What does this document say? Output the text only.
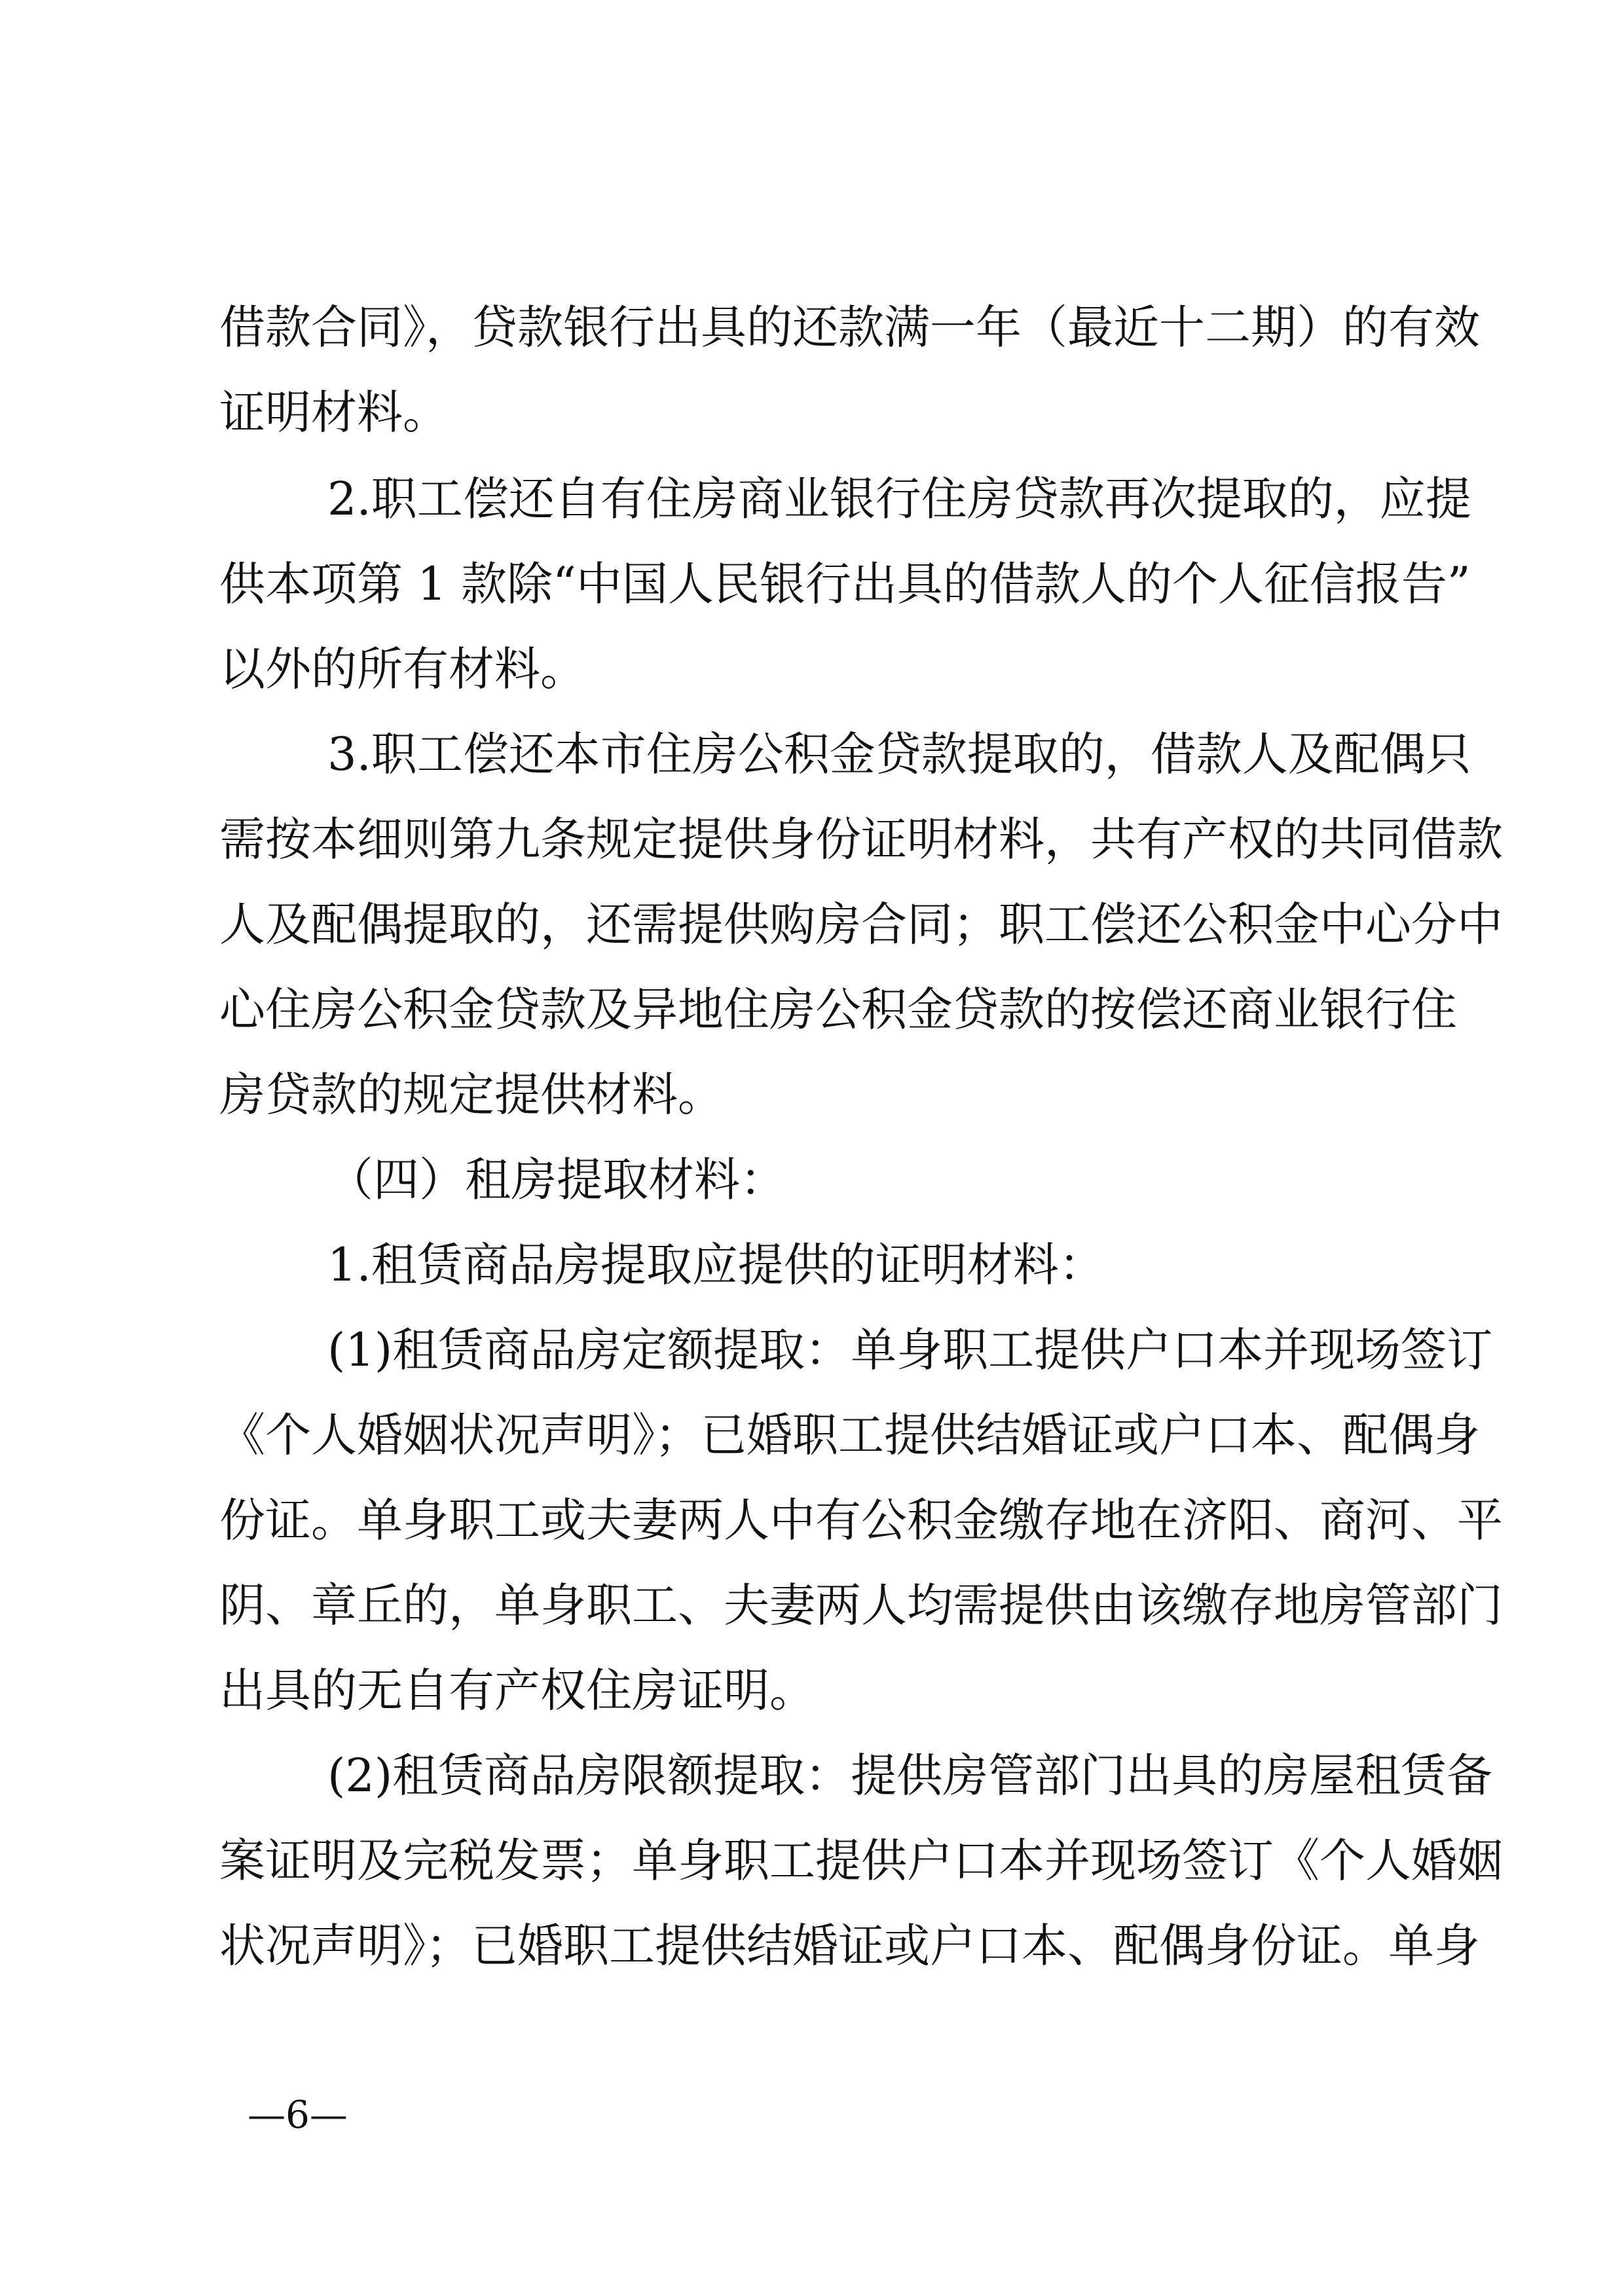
借款合同》，贷款银行出具的还款满一年（最近十二期）的有效
证明材料。
2.职工偿还自有住房商业银行住房贷款再次提取的，应提
供本项第 1 款除“中国人民银行出具的借款人的个人征信报告”
以外的所有材料。
3.职工偿还本市住房公积金贷款提取的，借款人及配偶只
需按本细则第九条规定提供身份证明材料，共有产权的共同借款
人及配偶提取的，还需提供购房合同；职工偿还公积金中心分中
心住房公积金贷款及异地住房公积金贷款的按偿还商业银行住
房贷款的规定提供材料。
（四）租房提取材料：
1.租赁商品房提取应提供的证明材料：
(1)租赁商品房定额提取：单身职工提供户口本并现场签订
《个人婚姻状况声明》；已婚职工提供结婚证或户口本、配偶身
份证。单身职工或夫妻两人中有公积金缴存地在济阳、商河、平
阴、章丘的，单身职工、夫妻两人均需提供由该缴存地房管部门
出具的无自有产权住房证明。
(2)租赁商品房限额提取：提供房管部门出具的房屋租赁备
案证明及完税发票；单身职工提供户口本并现场签订《个人婚姻
状况声明》；已婚职工提供结婚证或户口本、配偶身份证。单身
—6—
